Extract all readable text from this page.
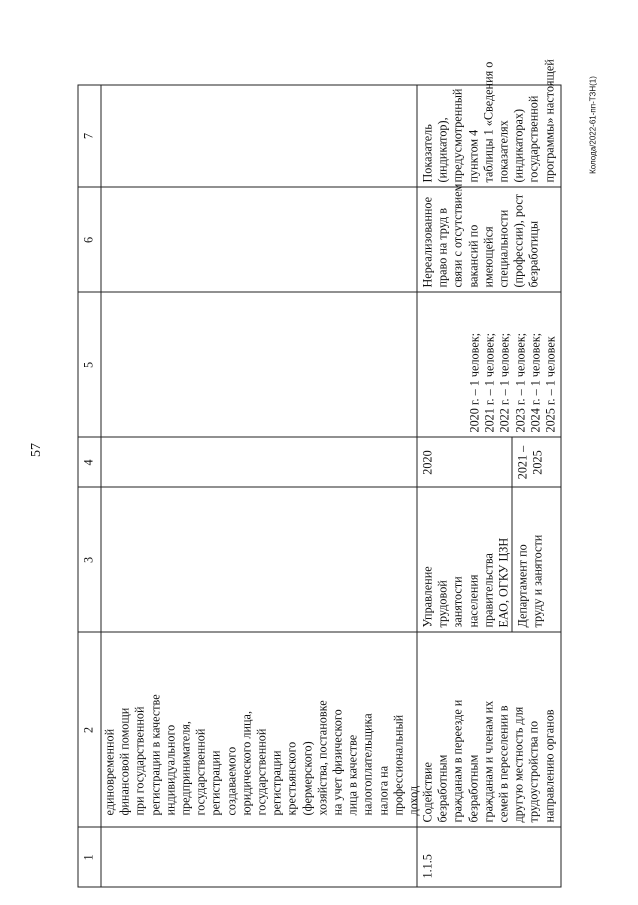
57
Колода/2022-61-пп-ТЗН(1)
1
2
3
4
5
6
7
единовременной финансовой помощи при государственной регистрации в качестве индивидуального предпринимателя, государственной регистрации создаваемого юридического лица, государственной регистрации крестьянского (фермерского) хозяйства, постановке на учет физического лица в качестве налогоплательщика налога на профессиональный доход
1.1.5
Содействие безработным гражданам в переезде и безработным гражданам и членам их семей в переселении в другую местность для трудоустройства по направлению органов
Управление трудовой занятости населения правительства ЕАО, ОГКУ ЦЗН Департамент по труду и занятости
2020	2021 – 2025
2020 г. – 1 человек; 2021 г. – 1 человек; 2022 г. – 1 человек; 2023 г. – 1 человек; 2024 г. – 1 человек; 2025 г. – 1 человек
Нереализованное право на труд в связи с отсутствием вакансий по имеющейся специальности (профессии), рост безработицы
Показатель (индикатор), предусмотренный пунктом 4 таблицы 1 «Сведения о показателях (индикаторах) государственной программы» настоящей
